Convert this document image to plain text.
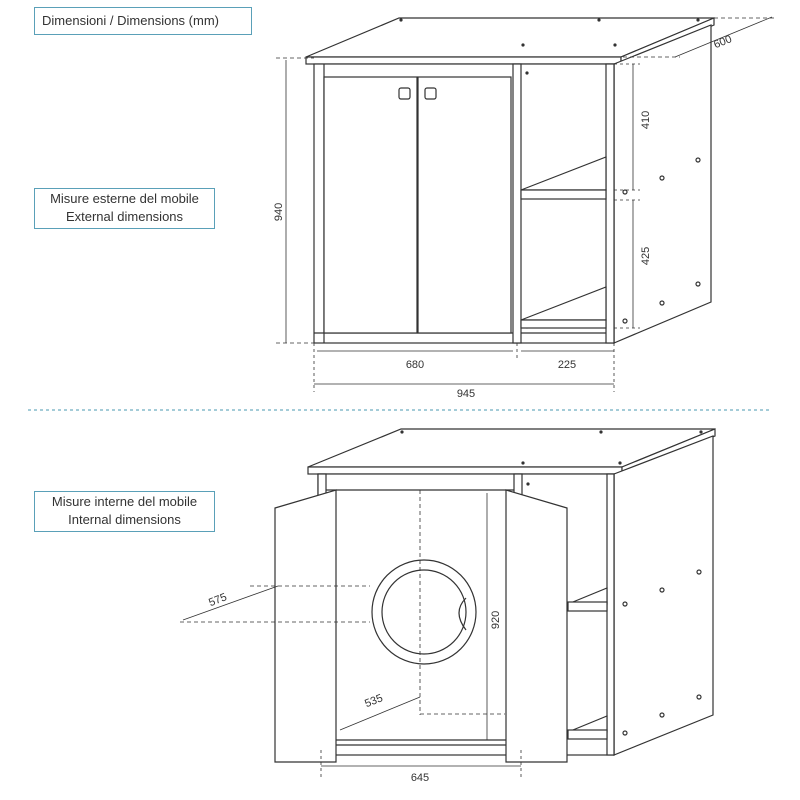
Dimensioni / Dimensions (mm)
Misure esterne del mobile
External dimensions
Misure interne del mobile
Internal dimensions
940
600
410
425
680	225
945
575
920
535
645
